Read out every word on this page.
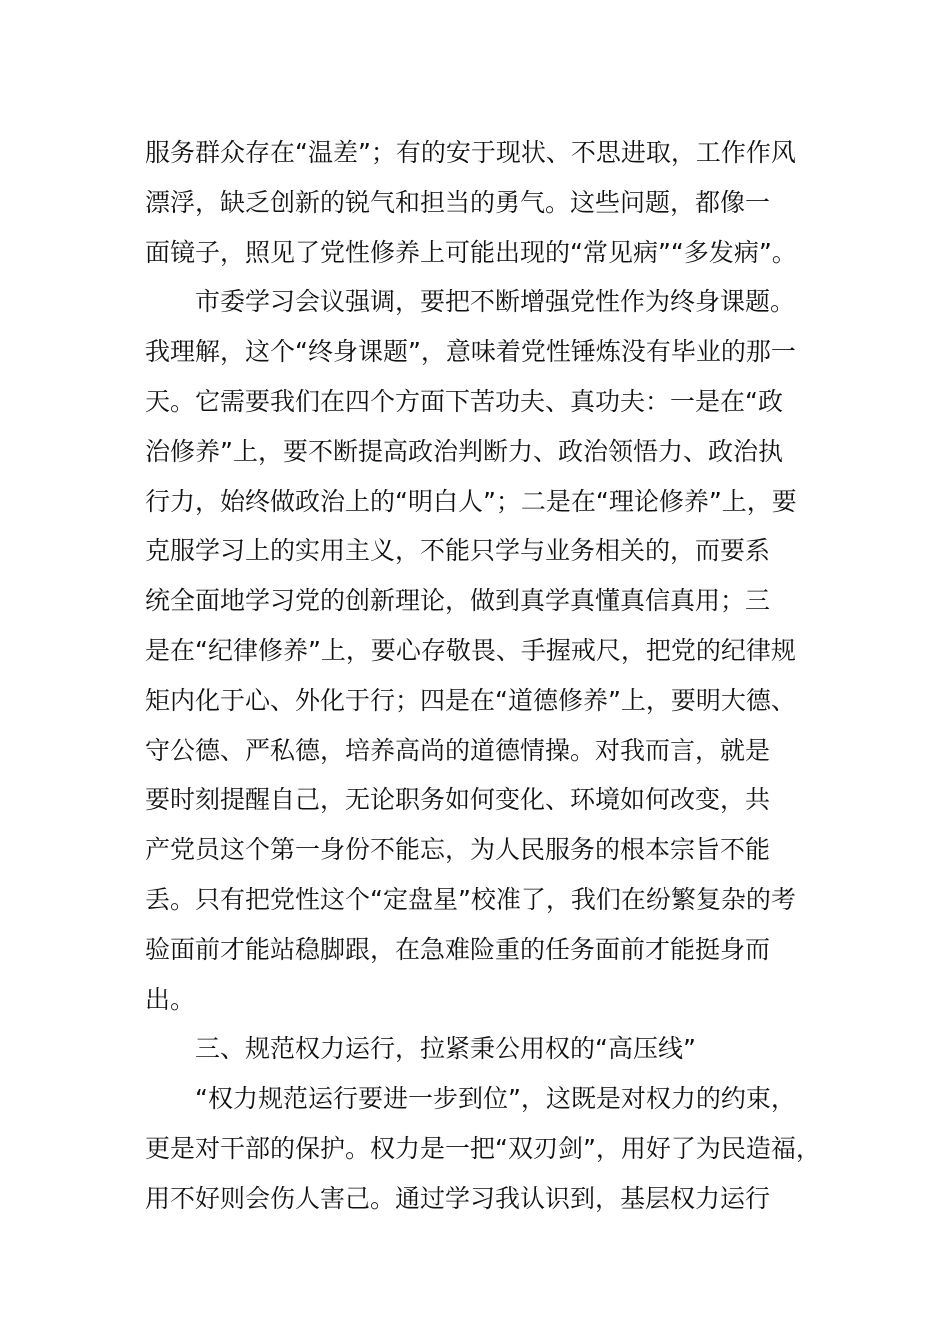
服务群众存在“温差”；有的安于现状、不思进取，工作作风
漂浮，缺乏创新的锐气和担当的勇气。这些问题，都像一
面镜子，照见了党性修养上可能出现的“常见病”“多发病”。
市委学习会议强调，要把不断增强党性作为终身课题。
我理解，这个“终身课题”，意味着党性锤炼没有毕业的那一
天。它需要我们在四个方面下苦功夫、真功夫：一是在“政
治修养”上，要不断提高政治判断力、政治领悟力、政治执
行力，始终做政治上的“明白人”；二是在“理论修养”上，要
克服学习上的实用主义，不能只学与业务相关的，而要系
统全面地学习党的创新理论，做到真学真懂真信真用；三
是在“纪律修养”上，要心存敬畏、手握戒尺，把党的纪律规
矩内化于心、外化于行；四是在“道德修养”上，要明大德、
守公德、严私德，培养高尚的道德情操。对我而言，就是
要时刻提醒自己，无论职务如何变化、环境如何改变，共
产党员这个第一身份不能忘，为人民服务的根本宗旨不能
丢。只有把党性这个“定盘星”校准了，我们在纷繁复杂的考
验面前才能站稳脚跟，在急难险重的任务面前才能挺身而
出。
三、规范权力运行，拉紧秉公用权的“高压线”
“权力规范运行要进一步到位”，这既是对权力的约束，
更是对干部的保护。权力是一把“双刃剑”，用好了为民造福，
用不好则会伤人害己。通过学习我认识到，基层权力运行
